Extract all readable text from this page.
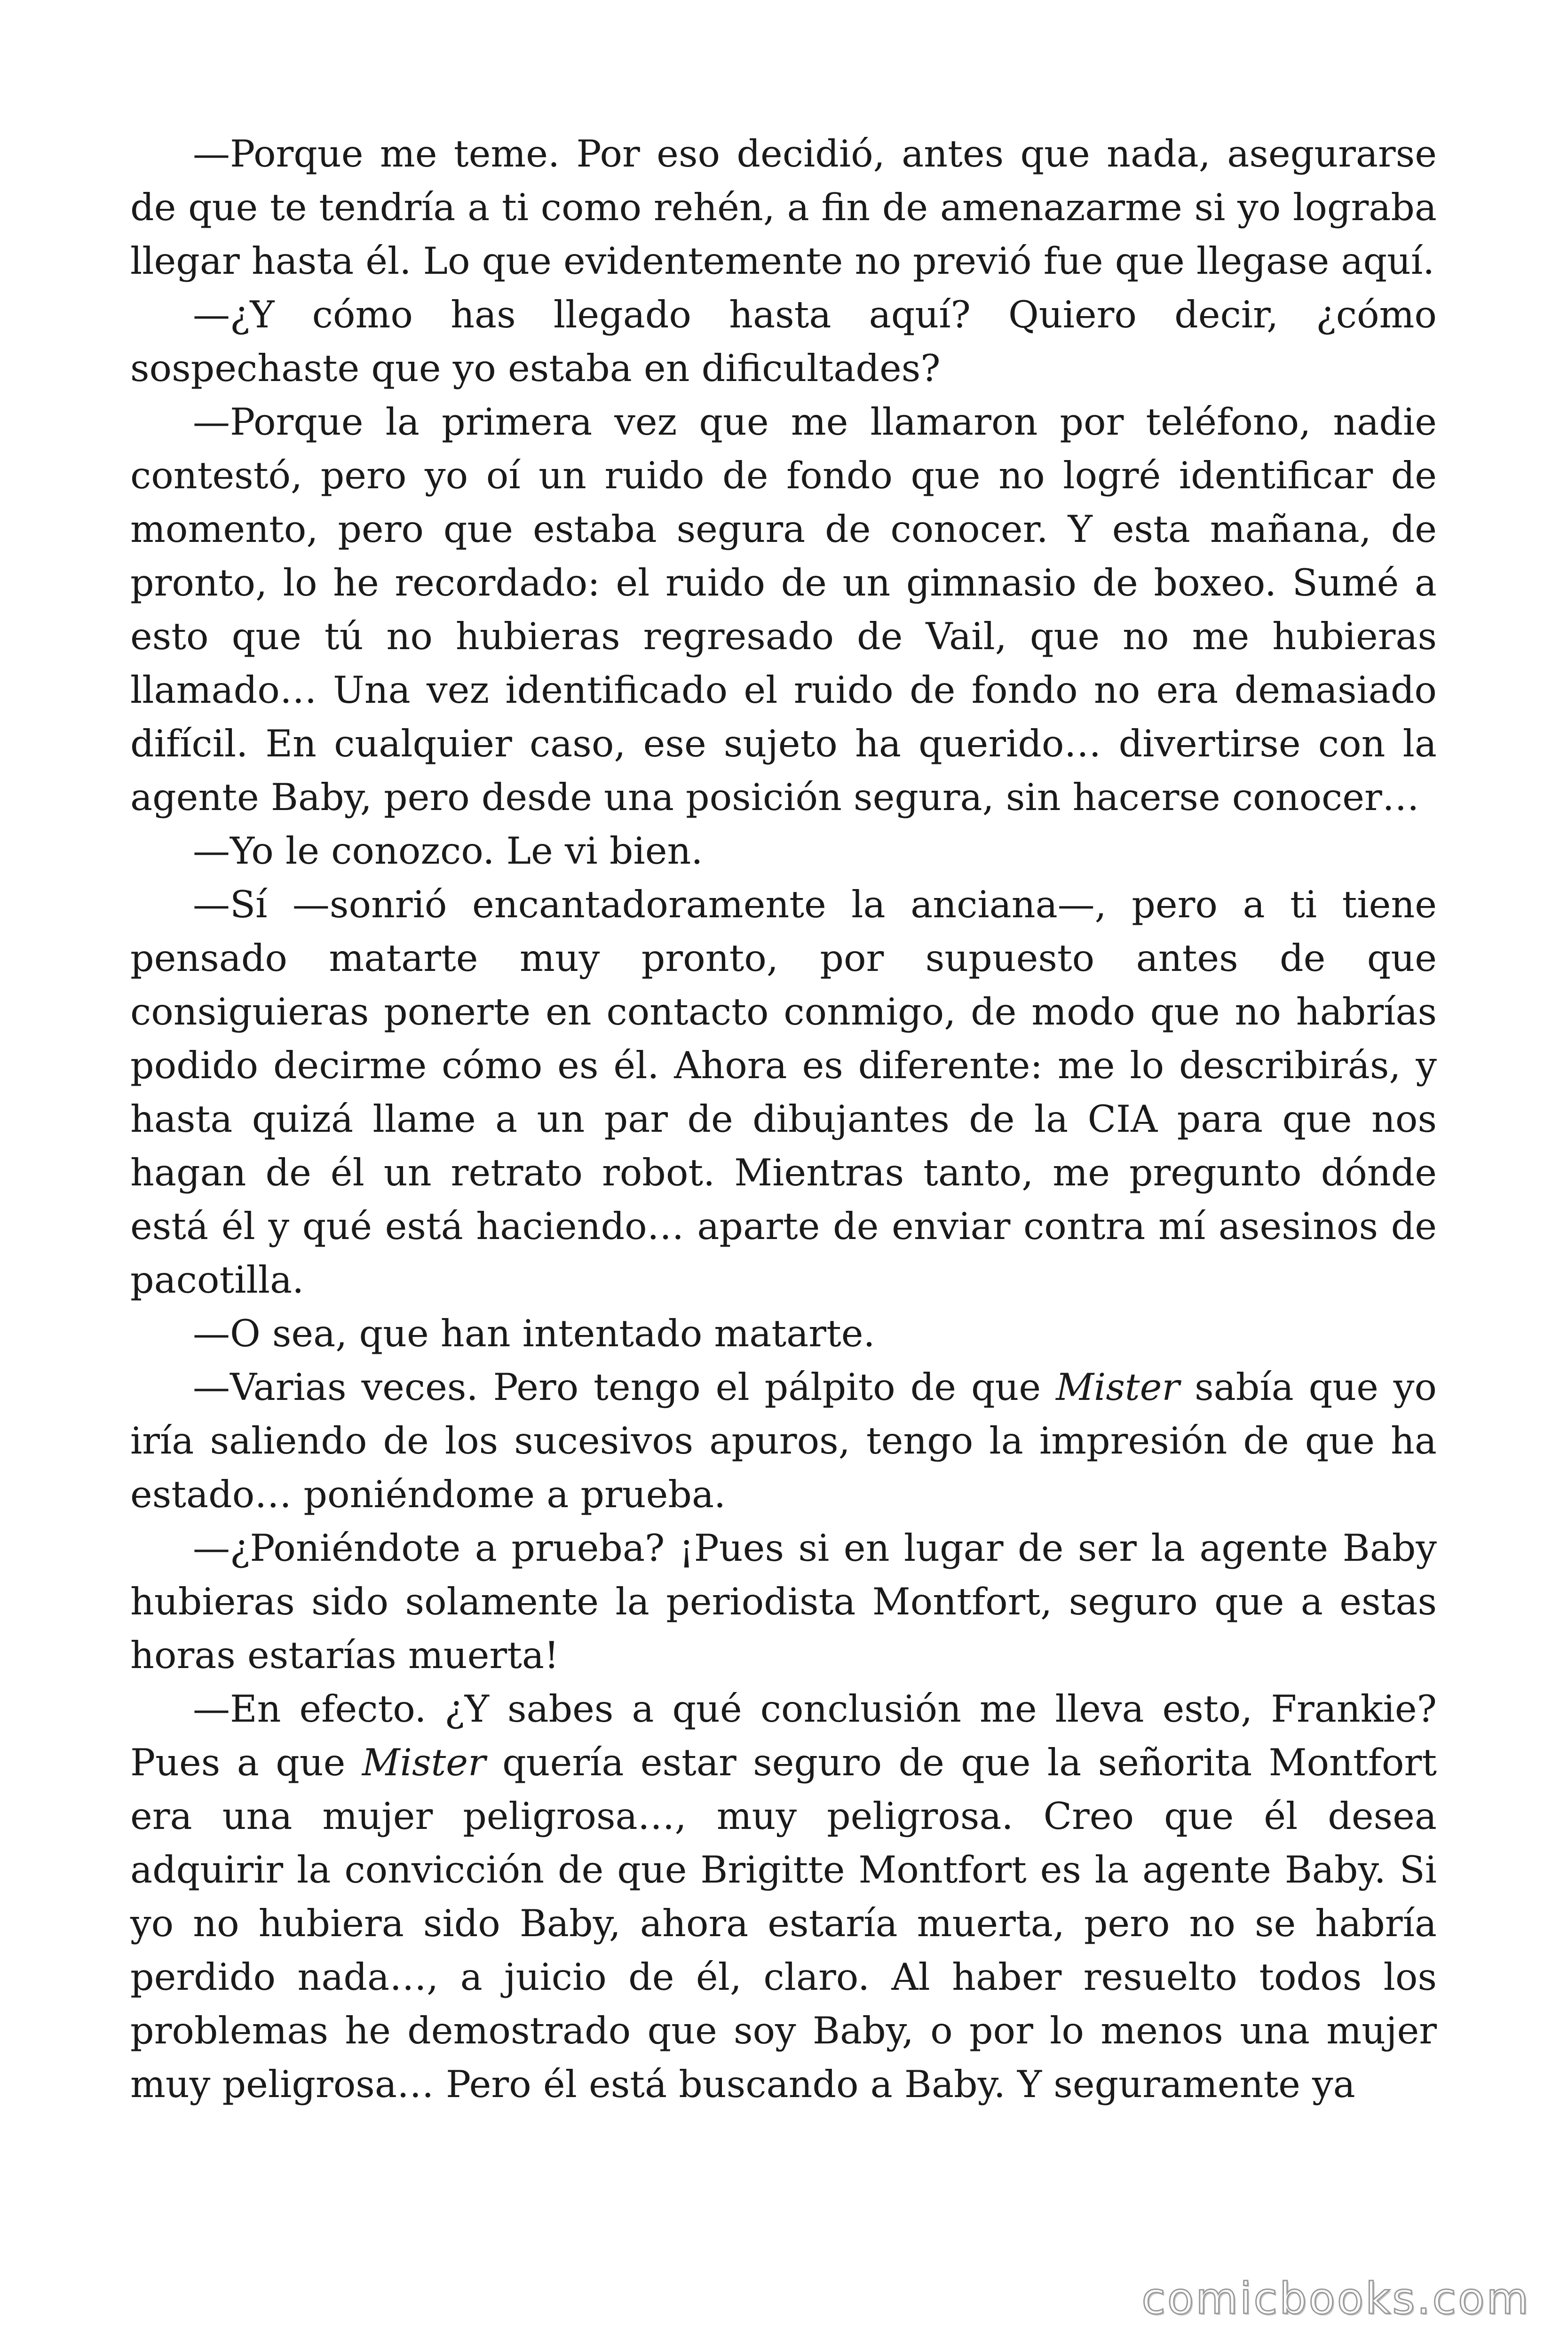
—Porque me teme. Por eso decidió, antes que nada, asegurarse de que te tendría a ti como rehén, a fin de amenazarme si yo lograba llegar hasta él. Lo que evidentemente no previó fue que llegase aquí.

—¿Y cómo has llegado hasta aquí? Quiero decir, ¿cómo sospechaste que yo estaba en dificultades?

—Porque la primera vez que me llamaron por teléfono, nadie contestó, pero yo oí un ruido de fondo que no logré identificar de momento, pero que estaba segura de conocer. Y esta mañana, de pronto, lo he recordado: el ruido de un gimnasio de boxeo. Sumé a esto que tú no hubieras regresado de Vail, que no me hubieras llamado… Una vez identificado el ruido de fondo no era demasiado difícil. En cualquier caso, ese sujeto ha querido… divertirse con la agente Baby, pero desde una posición segura, sin hacerse conocer…

—Yo le conozco. Le vi bien.

—Sí —sonrió encantadoramente la anciana—, pero a ti tiene pensado matarte muy pronto, por supuesto antes de que consiguieras ponerte en contacto conmigo, de modo que no habrías podido decirme cómo es él. Ahora es diferente: me lo describirás, y hasta quizá llame a un par de dibujantes de la CIA para que nos hagan de él un retrato robot. Mientras tanto, me pregunto dónde está él y qué está haciendo… aparte de enviar contra mí asesinos de pacotilla.

—O sea, que han intentado matarte.

—Varias veces. Pero tengo el pálpito de que Mister sabía que yo iría saliendo de los sucesivos apuros, tengo la impresión de que ha estado… poniéndome a prueba.

—¿Poniéndote a prueba? ¡Pues si en lugar de ser la agente Baby hubieras sido solamente la periodista Montfort, seguro que a estas horas estarías muerta!

—En efecto. ¿Y sabes a qué conclusión me lleva esto, Frankie? Pues a que Mister quería estar seguro de que la señorita Montfort era una mujer peligrosa…, muy peligrosa. Creo que él desea adquirir la convicción de que Brigitte Montfort es la agente Baby. Si yo no hubiera sido Baby, ahora estaría muerta, pero no se habría perdido nada…, a juicio de él, claro. Al haber resuelto todos los problemas he demostrado que soy Baby, o por lo menos una mujer muy peligrosa… Pero él está buscando a Baby. Y seguramente ya

comicbooks.com
